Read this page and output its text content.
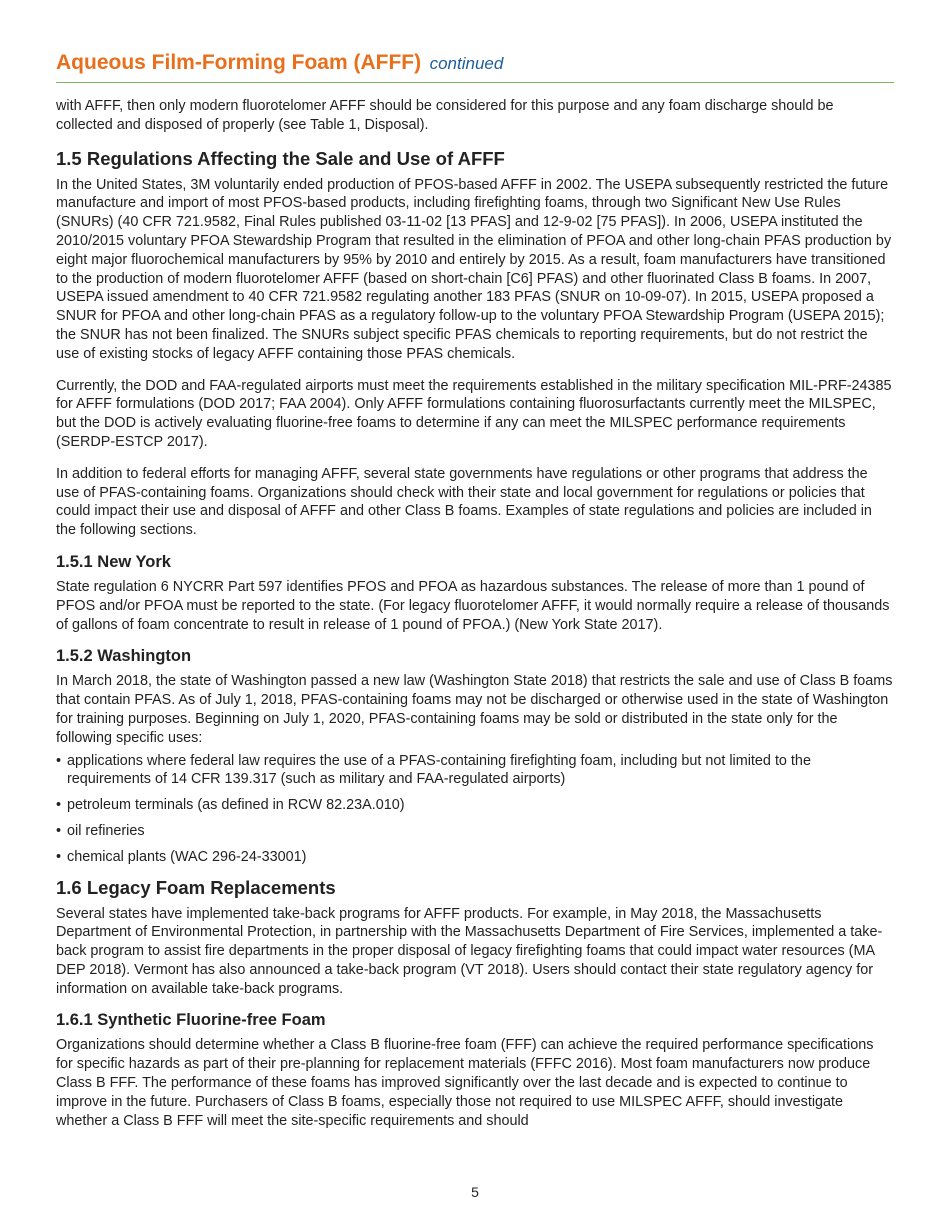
Aqueous Film-Forming Foam (AFFF) continued

with AFFF, then only modern fluorotelomer AFFF should be considered for this purpose and any foam discharge should be collected and disposed of properly (see Table 1, Disposal).

1.5 Regulations Affecting the Sale and Use of AFFF

In the United States, 3M voluntarily ended production of PFOS-based AFFF in 2002. The USEPA subsequently restricted the future manufacture and import of most PFOS-based products, including firefighting foams, through two Significant New Use Rules (SNURs) (40 CFR 721.9582, Final Rules published 03-11-02 [13 PFAS] and 12-9-02 [75 PFAS]). In 2006, USEPA instituted the 2010/2015 voluntary PFOA Stewardship Program that resulted in the elimination of PFOA and other long-chain PFAS production by eight major fluorochemical manufacturers by 95% by 2010 and entirely by 2015. As a result, foam manufacturers have transitioned to the production of modern fluorotelomer AFFF (based on short-chain [C6] PFAS) and other fluorinated Class B foams. In 2007, USEPA issued amendment to 40 CFR 721.9582 regulating another 183 PFAS (SNUR on 10-09-07). In 2015, USEPA proposed a SNUR for PFOA and other long-chain PFAS as a regulatory follow-up to the voluntary PFOA Stewardship Program (USEPA 2015); the SNUR has not been finalized. The SNURs subject specific PFAS chemicals to reporting requirements, but do not restrict the use of existing stocks of legacy AFFF containing those PFAS chemicals.

Currently, the DOD and FAA-regulated airports must meet the requirements established in the military specification MIL-PRF-24385 for AFFF formulations (DOD 2017; FAA 2004). Only AFFF formulations containing fluorosurfactants currently meet the MILSPEC, but the DOD is actively evaluating fluorine-free foams to determine if any can meet the MILSPEC performance requirements (SERDP-ESTCP 2017).

In addition to federal efforts for managing AFFF, several state governments have regulations or other programs that address the use of PFAS-containing foams. Organizations should check with their state and local government for regulations or policies that could impact their use and disposal of AFFF and other Class B foams. Examples of state regulations and policies are included in the following sections.

1.5.1 New York

State regulation 6 NYCRR Part 597 identifies PFOS and PFOA as hazardous substances. The release of more than 1 pound of PFOS and/or PFOA must be reported to the state. (For legacy fluorotelomer AFFF, it would normally require a release of thousands of gallons of foam concentrate to result in release of 1 pound of PFOA.) (New York State 2017).

1.5.2 Washington

In March 2018, the state of Washington passed a new law (Washington State 2018) that restricts the sale and use of Class B foams that contain PFAS. As of July 1, 2018, PFAS-containing foams may not be discharged or otherwise used in the state of Washington for training purposes. Beginning on July 1, 2020, PFAS-containing foams may be sold or distributed in the state only for the following specific uses:

• applications where federal law requires the use of a PFAS-containing firefighting foam, including but not limited to the requirements of 14 CFR 139.317 (such as military and FAA-regulated airports)
• petroleum terminals (as defined in RCW 82.23A.010)
• oil refineries
• chemical plants (WAC 296-24-33001)
1.6 Legacy Foam Replacements

Several states have implemented take-back programs for AFFF products. For example, in May 2018, the Massachusetts Department of Environmental Protection, in partnership with the Massachusetts Department of Fire Services, implemented a take-back program to assist fire departments in the proper disposal of legacy firefighting foams that could impact water resources (MA DEP 2018). Vermont has also announced a take-back program (VT 2018). Users should contact their state regulatory agency for information on available take-back programs.

1.6.1 Synthetic Fluorine-free Foam

Organizations should determine whether a Class B fluorine-free foam (FFF) can achieve the required performance specifications for specific hazards as part of their pre-planning for replacement materials (FFFC 2016). Most foam manufacturers now produce Class B FFF. The performance of these foams has improved significantly over the last decade and is expected to continue to improve in the future. Purchasers of Class B foams, especially those not required to use MILSPEC AFFF, should investigate whether a Class B FFF will meet the site-specific requirements and should

5
